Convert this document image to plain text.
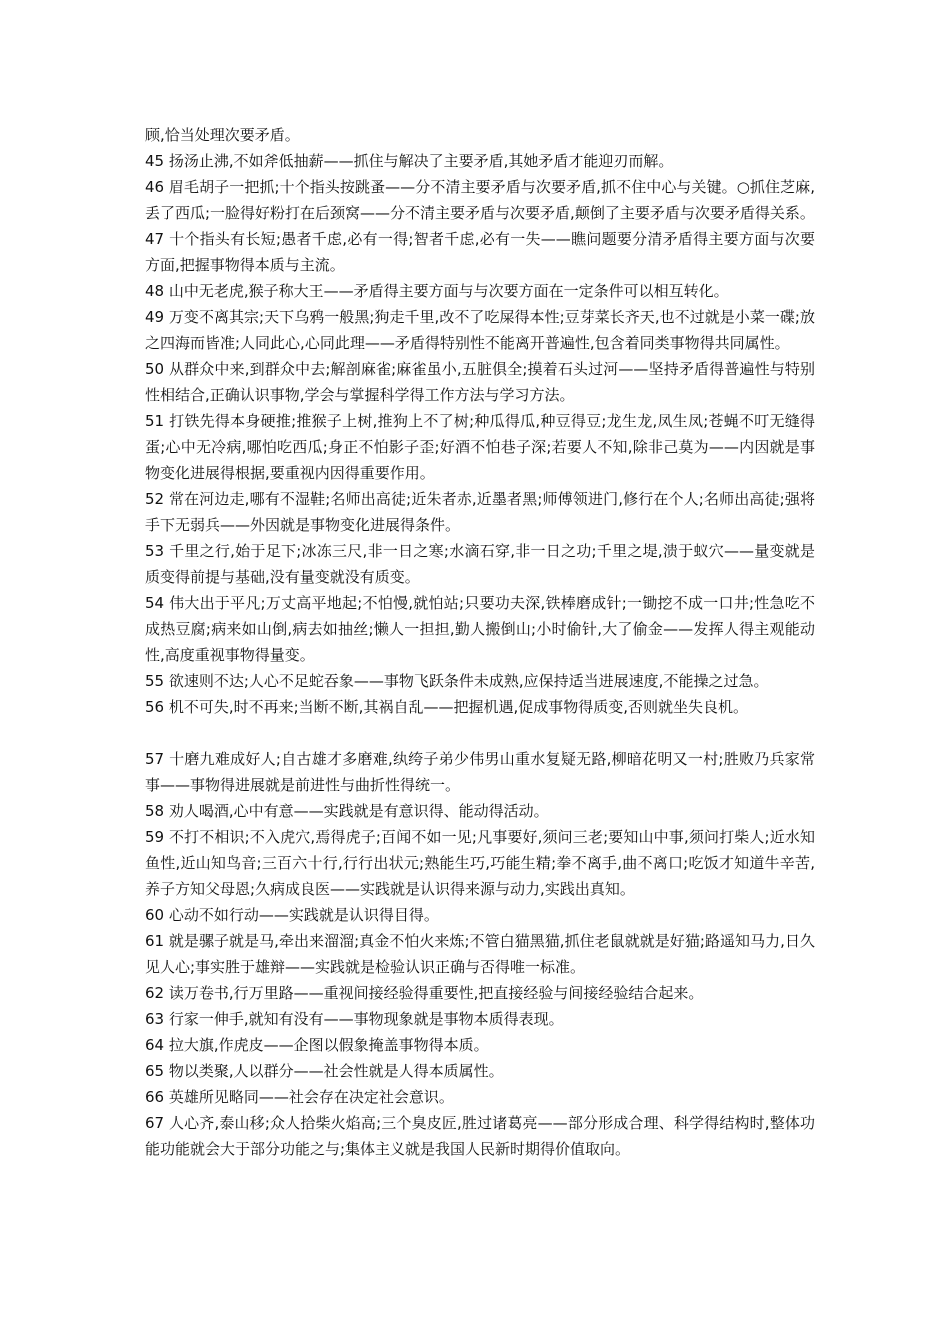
顾,恰当处理次要矛盾。

45 扬汤止沸,不如斧低抽薪——抓住与解决了主要矛盾,其她矛盾才能迎刃而解。

46 眉毛胡子一把抓;十个指头按跳蚤——分不清主要矛盾与次要矛盾,抓不住中心与关键。○抓住芝麻,丢了西瓜;一脸得好粉打在后颈窝——分不清主要矛盾与次要矛盾,颠倒了主要矛盾与次要矛盾得关系。

47 十个指头有长短;愚者千虑,必有一得;智者千虑,必有一失——瞧问题要分清矛盾得主要方面与次要方面,把握事物得本质与主流。

48 山中无老虎,猴子称大王——矛盾得主要方面与与次要方面在一定条件可以相互转化。

49 万变不离其宗;天下乌鸦一般黑;狗走千里,改不了吃屎得本性;豆芽菜长齐天,也不过就是小菜一碟;放之四海而皆准;人同此心,心同此理——矛盾得特别性不能离开普遍性,包含着同类事物得共同属性。

50 从群众中来,到群众中去;解剖麻雀;麻雀虽小,五脏俱全;摸着石头过河——坚持矛盾得普遍性与特别性相结合,正确认识事物,学会与掌握科学得工作方法与学习方法。

51 打铁先得本身硬推;推猴子上树,推狗上不了树;种瓜得瓜,种豆得豆;龙生龙,凤生凤;苍蝇不叮无缝得蛋;心中无冷病,哪怕吃西瓜;身正不怕影子歪;好酒不怕巷子深;若要人不知,除非己莫为——内因就是事物变化进展得根据,要重视内因得重要作用。

52 常在河边走,哪有不湿鞋;名师出高徒;近朱者赤,近墨者黑;师傅领进门,修行在个人;名师出高徒;强将手下无弱兵——外因就是事物变化进展得条件。

53 千里之行,始于足下;冰冻三尺,非一日之寒;水滴石穿,非一日之功;千里之堤,溃于蚁穴——量变就是质变得前提与基础,没有量变就没有质变。

54 伟大出于平凡;万丈高平地起;不怕慢,就怕站;只要功夫深,铁棒磨成针;一锄挖不成一口井;性急吃不成热豆腐;病来如山倒,病去如抽丝;懒人一担担,勤人搬倒山;小时偷针,大了偷金——发挥人得主观能动性,高度重视事物得量变。

55 欲速则不达;人心不足蛇吞象——事物飞跃条件未成熟,应保持适当进展速度,不能操之过急。

56 机不可失,时不再来;当断不断,其祸自乱——把握机遇,促成事物得质变,否则就坐失良机。

57 十磨九难成好人;自古雄才多磨难,纨绔子弟少伟男山重水复疑无路,柳暗花明又一村;胜败乃兵家常事——事物得进展就是前进性与曲折性得统一。

58 劝人喝酒,心中有意——实践就是有意识得、能动得活动。

59 不打不相识;不入虎穴,焉得虎子;百闻不如一见;凡事要好,须问三老;要知山中事,须问打柴人;近水知鱼性,近山知鸟音;三百六十行,行行出状元;熟能生巧,巧能生精;拳不离手,曲不离口;吃饭才知道牛辛苦,养子方知父母恩;久病成良医——实践就是认识得来源与动力,实践出真知。

60 心动不如行动——实践就是认识得目得。

61 就是骡子就是马,牵出来溜溜;真金不怕火来炼;不管白猫黑猫,抓住老鼠就就是好猫;路遥知马力,日久见人心;事实胜于雄辩——实践就是检验认识正确与否得唯一标准。

62 读万卷书,行万里路——重视间接经验得重要性,把直接经验与间接经验结合起来。

63 行家一伸手,就知有没有——事物现象就是事物本质得表现。

64 拉大旗,作虎皮——企图以假象掩盖事物得本质。

65 物以类聚,人以群分——社会性就是人得本质属性。

66 英雄所见略同——社会存在决定社会意识。

67 人心齐,泰山移;众人拾柴火焰高;三个臭皮匠,胜过诸葛亮——部分形成合理、科学得结构时,整体功能功能就会大于部分功能之与;集体主义就是我国人民新时期得价值取向。
